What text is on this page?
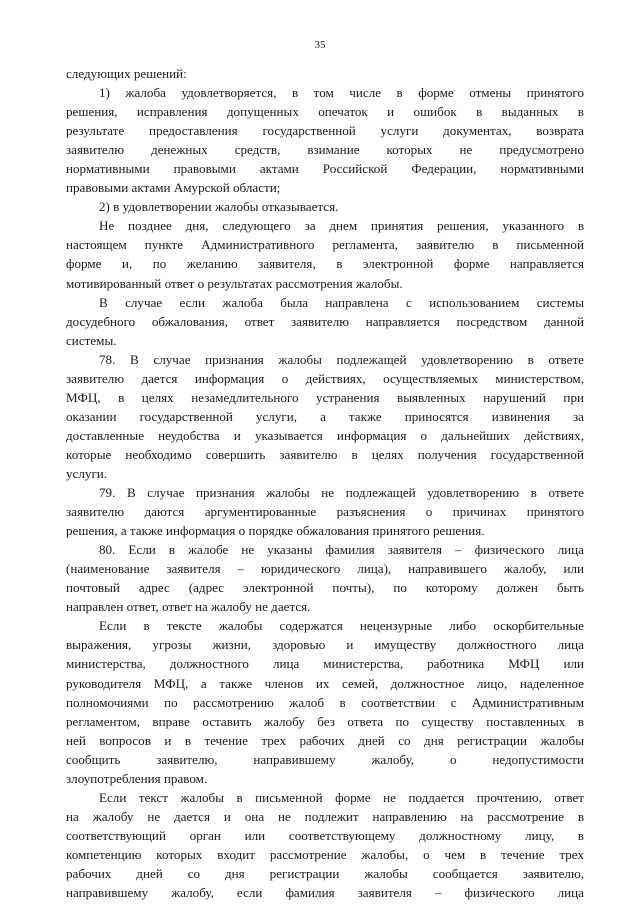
35
следующих решений:
1) жалоба удовлетворяется, в том числе в форме отмены принятого
решения, исправления допущенных опечаток и ошибок в выданных в
результате предоставления государственной услуги документах, возврата
заявителю денежных средств, взимание которых не предусмотрено
нормативными правовыми актами Российской Федерации, нормативными
правовыми актами Амурской области;
2) в удовлетворении жалобы отказывается.
Не позднее дня, следующего за днем принятия решения, указанного в
настоящем пункте Административного регламента, заявителю в письменной
форме и, по желанию заявителя, в электронной форме направляется
мотивированный ответ о результатах рассмотрения жалобы.
В случае если жалоба была направлена с использованием системы
досудебного обжалования, ответ заявителю направляется посредством данной
системы.
78. В случае признания жалобы подлежащей удовлетворению в ответе
заявителю дается информация о действиях, осуществляемых министерством,
МФЦ, в целях незамедлительного устранения выявленных нарушений при
оказании государственной услуги, а также приносятся извинения за
доставленные неудобства и указывается информация о дальнейших действиях,
которые необходимо совершить заявителю в целях получения государственной
услуги.
79. В случае признания жалобы не подлежащей удовлетворению в ответе
заявителю даются аргументированные разъяснения о причинах принятого
решения, а также информация о порядке обжалования принятого решения.
80. Если в жалобе не указаны фамилия заявителя – физического лица
(наименование заявителя – юридического лица), направившего жалобу, или
почтовый адрес (адрес электронной почты), по которому должен быть
направлен ответ, ответ на жалобу не дается.
Если в тексте жалобы содержатся нецензурные либо оскорбительные
выражения, угрозы жизни, здоровью и имуществу должностного лица
министерства, должностного лица министерства, работника МФЦ или
руководителя МФЦ, а также членов их семей, должностное лицо, наделенное
полномочиями по рассмотрению жалоб в соответствии с Административным
регламентом, вправе оставить жалобу без ответа по существу поставленных в
ней вопросов и в течение трех рабочих дней со дня регистрации жалобы
сообщить заявителю, направившему жалобу, о недопустимости
злоупотребления правом.
Если текст жалобы в письменной форме не поддается прочтению, ответ
на жалобу не дается и она не подлежит направлению на рассмотрение в
соответствующий орган или соответствующему должностному лицу, в
компетенцию которых входит рассмотрение жалобы, о чем в течение трех
рабочих дней со дня регистрации жалобы сообщается заявителю,
направившему жалобу, если фамилия заявителя – физического лица
